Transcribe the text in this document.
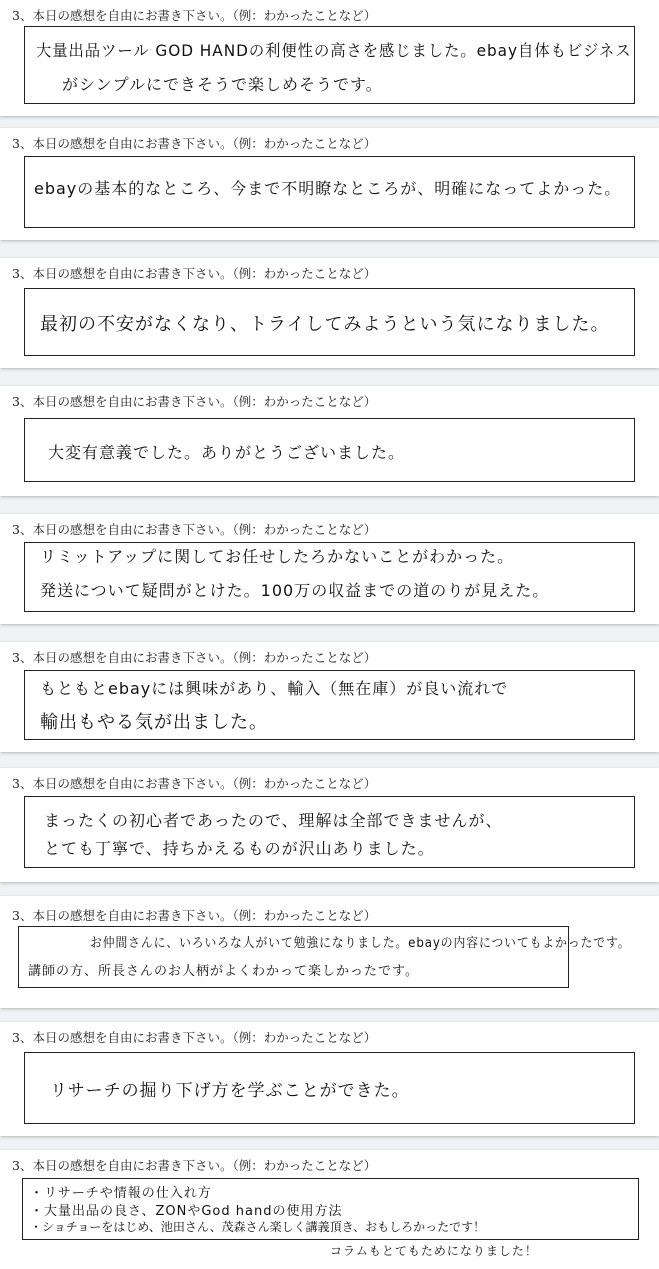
3、本日の感想を自由にお書き下さい。（例：わかったことなど）
大量出品ツール GOD HANDの利便性の高さを感じました。ebay自体もビジネス
がシンプルにできそうで楽しめそうです。
3、本日の感想を自由にお書き下さい。（例：わかったことなど）
ebayの基本的なところ、今まで不明瞭なところが、明確になってよかった。
3、本日の感想を自由にお書き下さい。（例：わかったことなど）
最初の不安がなくなり、トライしてみようという気になりました。
3、本日の感想を自由にお書き下さい。（例：わかったことなど）
大変有意義でした。ありがとうございました。
3、本日の感想を自由にお書き下さい。（例：わかったことなど）
リミットアップに関してお任せしたろかないことがわかった。
発送について疑問がとけた。100万の収益までの道のりが見えた。
3、本日の感想を自由にお書き下さい。（例：わかったことなど）
もともとebayには興味があり、輸入（無在庫）が良い流れで
輸出もやる気が出ました。
3、本日の感想を自由にお書き下さい。（例：わかったことなど）
まったくの初心者であったので、理解は全部できませんが、
とても丁寧で、持ちかえるものが沢山ありました。
3、本日の感想を自由にお書き下さい。（例：わかったことなど）
お仲間さんに、いろいろな人がいて勉強になりました。ebayの内容についてもよかったです。
講師の方、所長さんのお人柄がよくわかって楽しかったです。
3、本日の感想を自由にお書き下さい。（例：わかったことなど）
リサーチの掘り下げ方を学ぶことができた。
3、本日の感想を自由にお書き下さい。（例：わかったことなど）
・リサーチや情報の仕入れ方
・大量出品の良さ、ZONやGod handの使用方法
・ショチョーをはじめ、池田さん、茂森さん楽しく講義頂き、おもしろかったです！
コラムもとてもためになりました！
